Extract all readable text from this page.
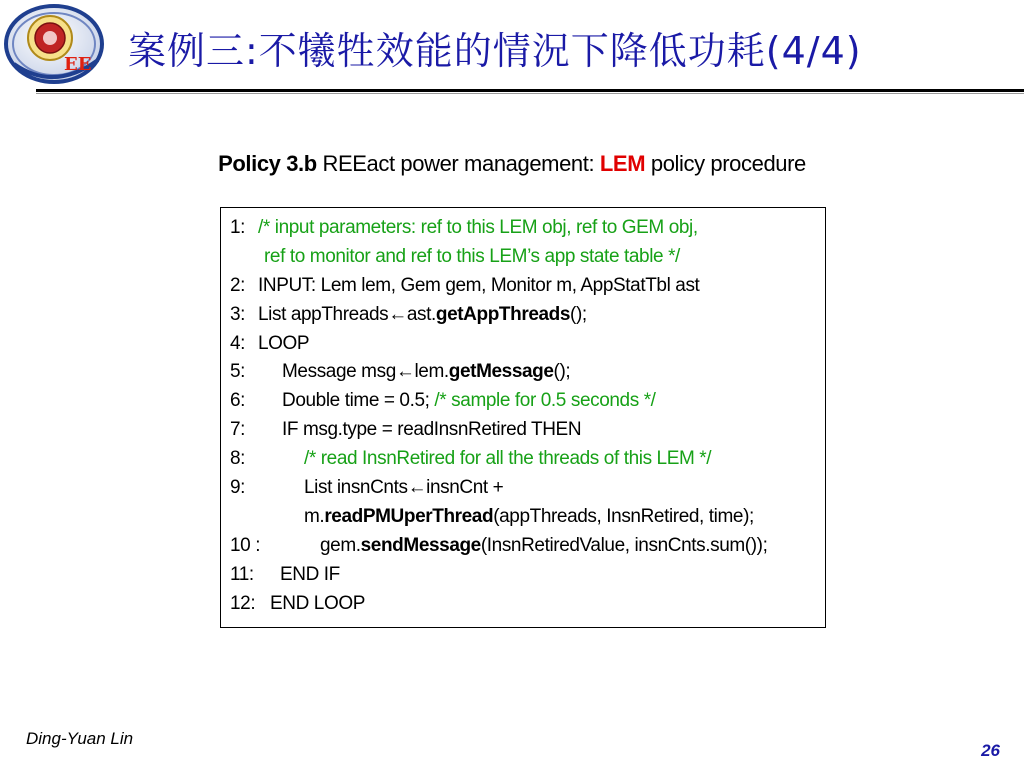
EE 案例三:不犧牲效能的情況下降低功耗(4/4)
Policy 3.b REEact power management: LEM policy procedure
1: /* input parameters: ref to this LEM obj, ref to GEM obj,
ref to monitor and ref to this LEM’s app state table */
2: INPUT: Lem lem, Gem gem, Monitor m, AppStatTbl ast
3: List appThreads←ast.getAppThreads();
4: LOOP
5: Message msg←lem.getMessage();
6: Double time = 0.5; /* sample for 0.5 seconds */
7: IF msg.type = readInsnRetired THEN
8:	/* read InsnRetired for all the threads of this LEM */
9:	List insnCnts←insnCnt +
m.readPMUperThread(appThreads, InsnRetired, time);
10 :	gem.sendMessage(InsnRetiredValue, insnCnts.sum());
11: END IF
12: END LOOP
Ding-Yuan Lin
26
